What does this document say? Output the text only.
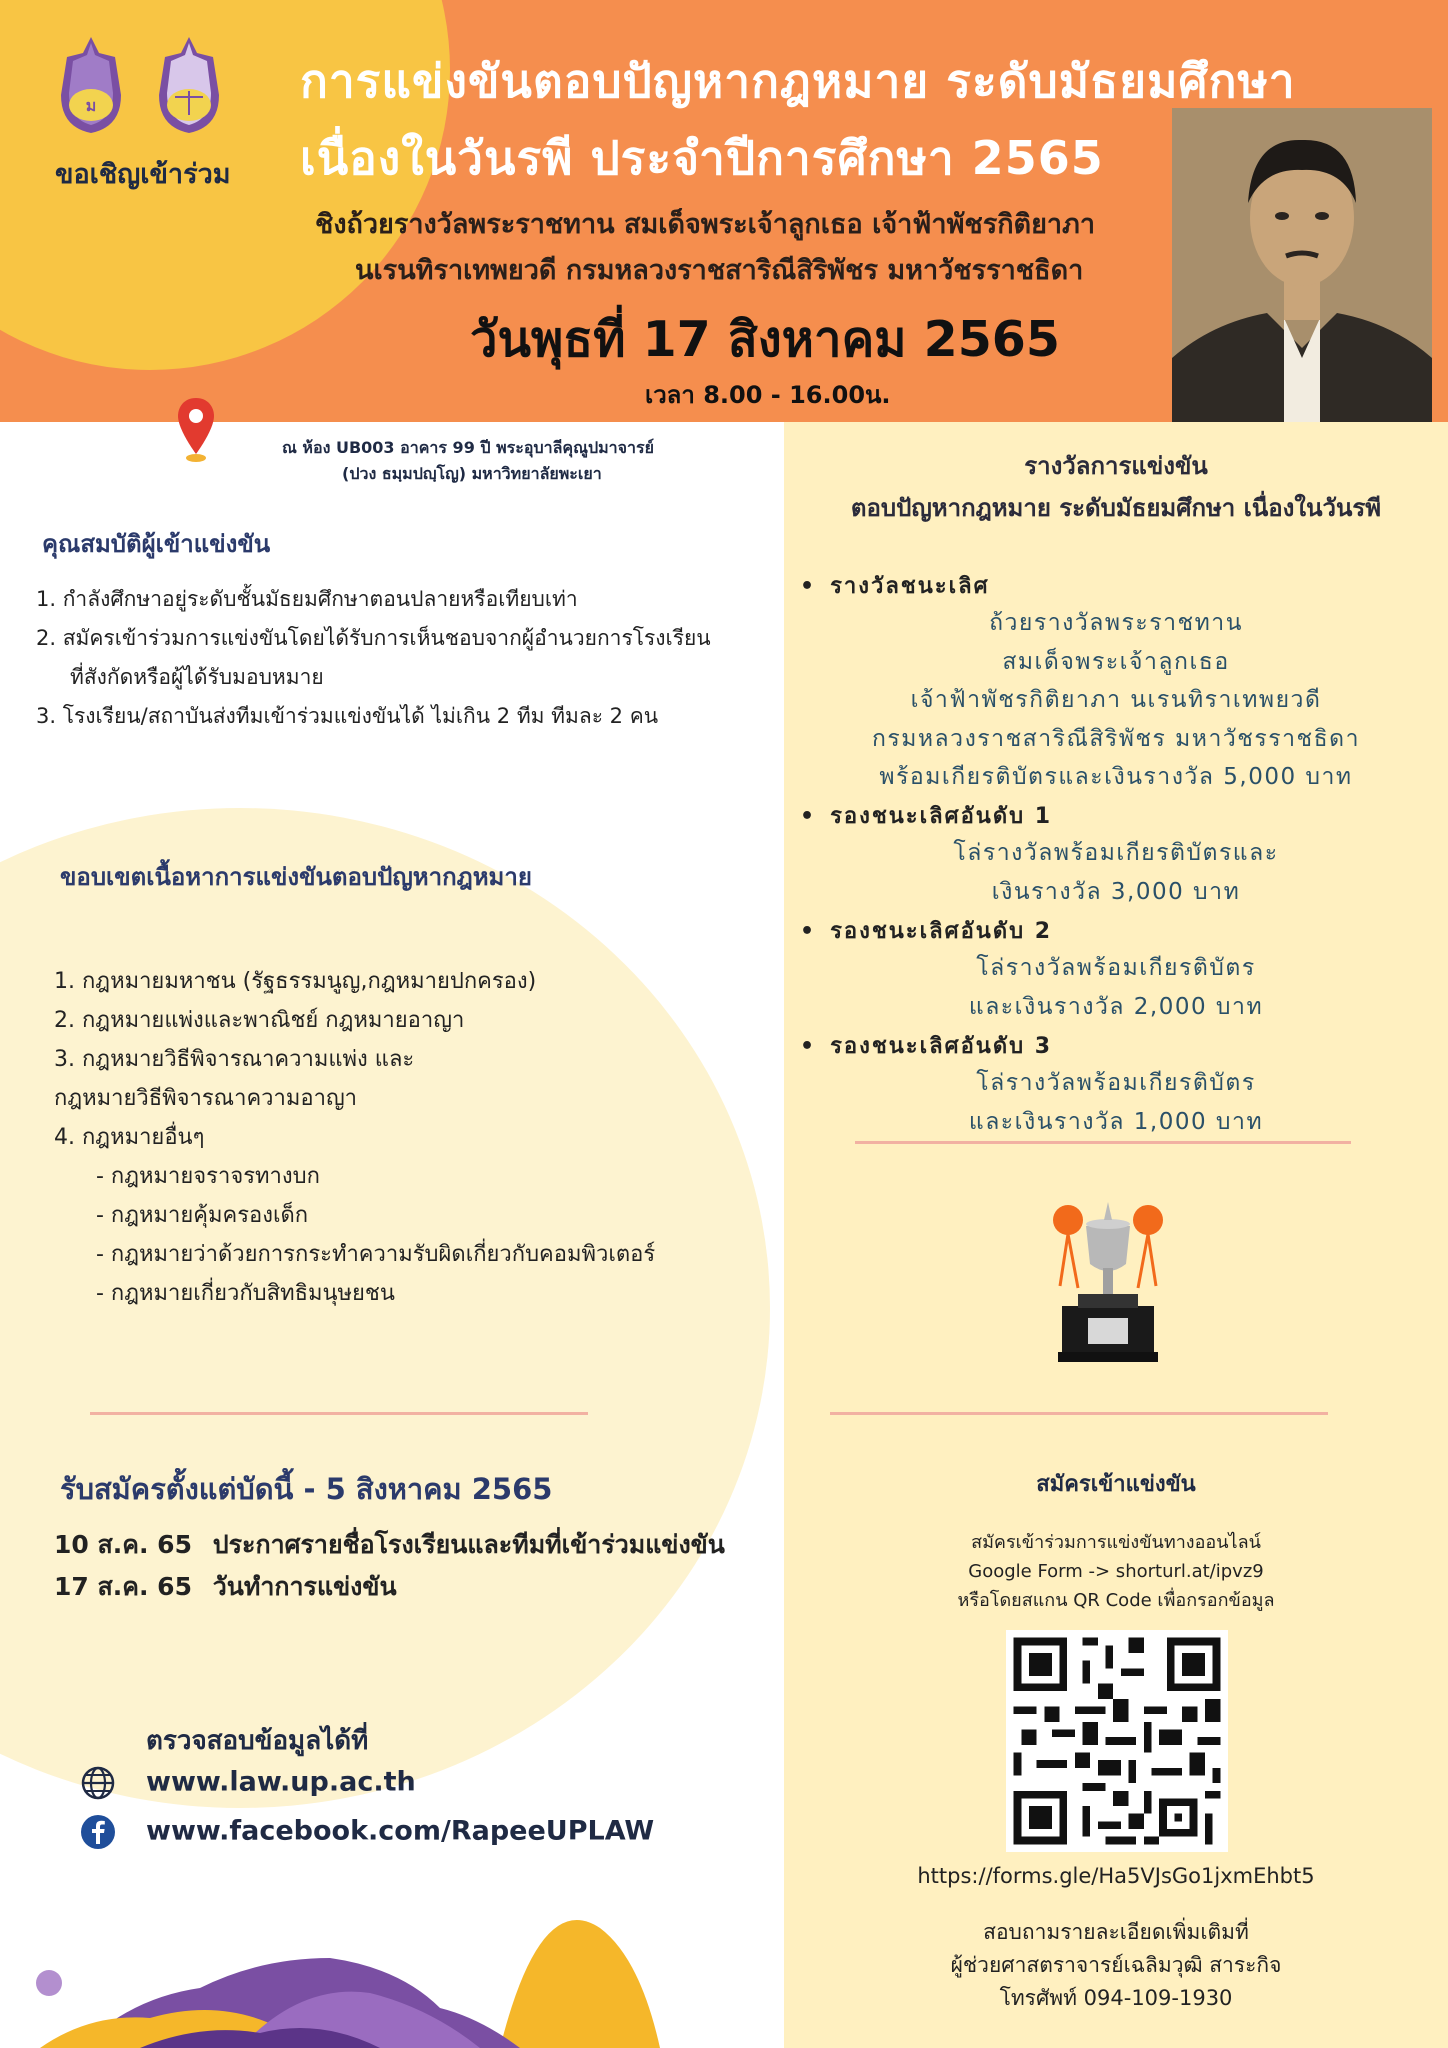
ม
ขอเชิญเข้าร่วม
การแข่งขันตอบปัญหากฎหมาย ระดับมัธยมศึกษา
เนื่องในวันรพี ประจำปีการศึกษา 2565
ชิงถ้วยรางวัลพระราชทาน สมเด็จพระเจ้าลูกเธอ เจ้าฟ้าพัชรกิติยาภา
นเรนทิราเทพยวดี กรมหลวงราชสาริณีสิริพัชร มหาวัชรราชธิดา
วันพุธที่ 17 สิงหาคม 2565
เวลา 8.00 - 16.00น.
ณ ห้อง UB003 อาคาร 99 ปี พระอุบาลีคุณูปมาจารย์
(ปวง ธมฺมปญฺโญ) มหาวิทยาลัยพะเยา
คุณสมบัติผู้เข้าแข่งขัน
1. กำลังศึกษาอยู่ระดับชั้นมัธยมศึกษาตอนปลายหรือเทียบเท่า
2. สมัครเข้าร่วมการแข่งขันโดยได้รับการเห็นชอบจากผู้อำนวยการโรงเรียน
ที่สังกัดหรือผู้ได้รับมอบหมาย
3. โรงเรียน/สถาบันส่งทีมเข้าร่วมแข่งขันได้ ไม่เกิน 2 ทีม ทีมละ 2 คน
ขอบเขตเนื้อหาการแข่งขันตอบปัญหากฎหมาย
1. กฎหมายมหาชน (รัฐธรรมนูญ,กฎหมายปกครอง)
2. กฎหมายแพ่งและพาณิชย์ กฎหมายอาญา
3. กฎหมายวิธีพิจารณาความแพ่ง และ
กฎหมายวิธีพิจารณาความอาญา
4. กฎหมายอื่นๆ
- กฎหมายจราจรทางบก
- กฎหมายคุ้มครองเด็ก
- กฎหมายว่าด้วยการกระทำความรับผิดเกี่ยวกับคอมพิวเตอร์
- กฎหมายเกี่ยวกับสิทธิมนุษยชน
รับสมัครตั้งแต่บัดนี้ - 5 สิงหาคม 2565
10 ส.ค. 65 ประกาศรายชื่อโรงเรียนและทีมที่เข้าร่วมแข่งขัน
17 ส.ค. 65 วันทำการแข่งขัน
ตรวจสอบข้อมูลได้ที่
www.law.up.ac.th
www.facebook.com/RapeeUPLAW
รางวัลการแข่งขัน
ตอบปัญหากฎหมาย ระดับมัธยมศึกษา เนื่องในวันรพี
• รางวัลชนะเลิศ
ถ้วยรางวัลพระราชทาน
สมเด็จพระเจ้าลูกเธอ
เจ้าฟ้าพัชรกิติยาภา นเรนทิราเทพยวดี
กรมหลวงราชสาริณีสิริพัชร มหาวัชรราชธิดา
พร้อมเกียรติบัตรและเงินรางวัล 5,000 บาท
• รองชนะเลิศอันดับ 1
โล่รางวัลพร้อมเกียรติบัตรและ
เงินรางวัล 3,000 บาท
• รองชนะเลิศอันดับ 2
โล่รางวัลพร้อมเกียรติบัตร
และเงินรางวัล 2,000 บาท
• รองชนะเลิศอันดับ 3
โล่รางวัลพร้อมเกียรติบัตร
และเงินรางวัล 1,000 บาท
สมัครเข้าแข่งขัน
สมัครเข้าร่วมการแข่งขันทางออนไลน์
Google Form -> shorturl.at/ipvz9
หรือโดยสแกน QR Code เพื่อกรอกข้อมูล
https://forms.gle/Ha5VJsGo1jxmEhbt5
สอบถามรายละเอียดเพิ่มเติมที่
ผู้ช่วยศาสตราจารย์เฉลิมวุฒิ สาระกิจ
โทรศัพท์ 094-109-1930
